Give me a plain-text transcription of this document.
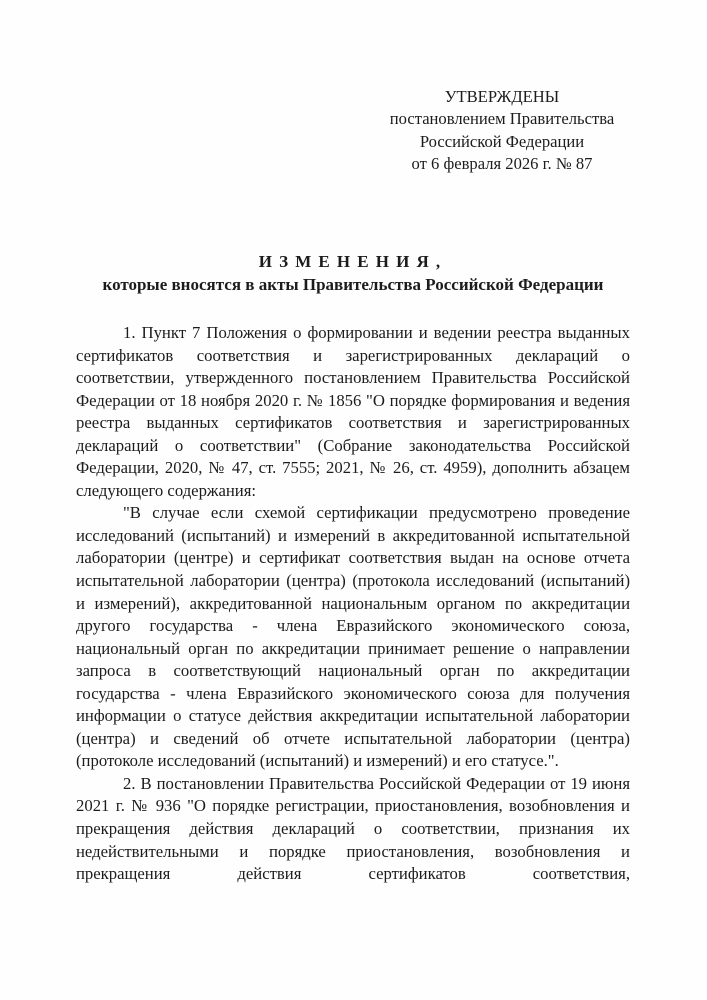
УТВЕРЖДЕНЫ
постановлением Правительства
Российской Федерации
от 6 февраля 2026 г. № 87
ИЗМЕНЕНИЯ,
которые вносятся в акты Правительства Российской Федерации

1. Пункт 7 Положения о формировании и ведении реестра выданных сертификатов соответствия и зарегистрированных деклараций о соответствии, утвержденного постановлением Правительства Российской Федерации от 18 ноября 2020 г. № 1856 "О порядке формирования и ведения реестра выданных сертификатов соответствия и зарегистрированных деклараций о соответствии" (Собрание законодательства Российской Федерации, 2020, № 47, ст. 7555; 2021, № 26, ст. 4959), дополнить абзацем следующего содержания:

"В случае если схемой сертификации предусмотрено проведение исследований (испытаний) и измерений в аккредитованной испытательной лаборатории (центре) и сертификат соответствия выдан на основе отчета испытательной лаборатории (центра) (протокола исследований (испытаний) и измерений), аккредитованной национальным органом по аккредитации другого государства - члена Евразийского экономического союза, национальный орган по аккредитации принимает решение о направлении запроса в соответствующий национальный орган по аккредитации государства - члена Евразийского экономического союза для получения информации о статусе действия аккредитации испытательной лаборатории (центра) и сведений об отчете испытательной лаборатории (центра) (протоколе исследований (испытаний) и измерений) и его статусе.".

2. В постановлении Правительства Российской Федерации от 19 июня 2021 г. № 936 "О порядке регистрации, приостановления, возобновления и прекращения действия деклараций о соответствии, признания их недействительными и порядке приостановления, возобновления и прекращения действия сертификатов соответствия,
